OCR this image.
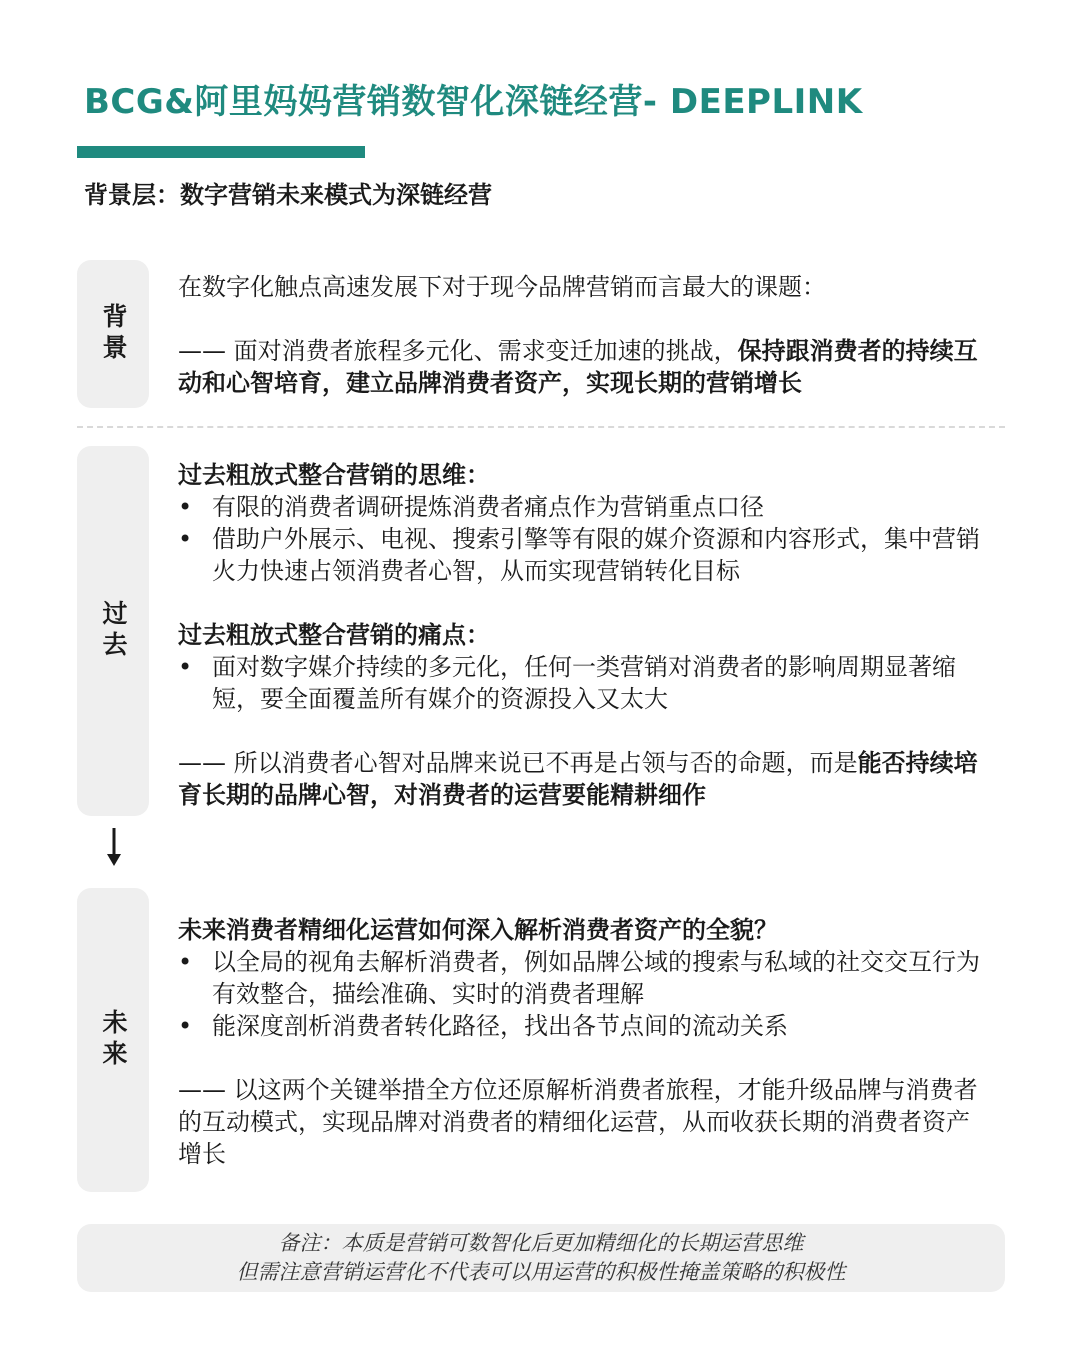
BCG&阿里妈妈营销数智化深链经营- DEEPLINK
背景层：数字营销未来模式为深链经营
背景

在数字化触点高速发展下对于现今品牌营销而言最大的课题：

—— 面对消费者旅程多元化、需求变迁加速的挑战，保持跟消费者的持续互动和心智培育，建立品牌消费者资产，实现长期的营销增长

过去

过去粗放式整合营销的思维：

• 有限的消费者调研提炼消费者痛点作为营销重点口径
• 借助户外展示、电视、搜索引擎等有限的媒介资源和内容形式，集中营销火力快速占领消费者心智，从而实现营销转化目标

过去粗放式整合营销的痛点：

• 面对数字媒介持续的多元化，任何一类营销对消费者的影响周期显著缩短，要全面覆盖所有媒介的资源投入又太大

—— 所以消费者心智对品牌来说已不再是占领与否的命题，而是能否持续培育长期的品牌心智，对消费者的运营要能精耕细作

未来

未来消费者精细化运营如何深入解析消费者资产的全貌？

• 以全局的视角去解析消费者，例如品牌公域的搜索与私域的社交交互行为有效整合，描绘准确、实时的消费者理解
• 能深度剖析消费者转化路径，找出各节点间的流动关系

—— 以这两个关键举措全方位还原解析消费者旅程，才能升级品牌与消费者的互动模式，实现品牌对消费者的精细化运营，从而收获长期的消费者资产增长

备注：本质是营销可数智化后更加精细化的长期运营思维
但需注意营销运营化不代表可以用运营的积极性掩盖策略的积极性
